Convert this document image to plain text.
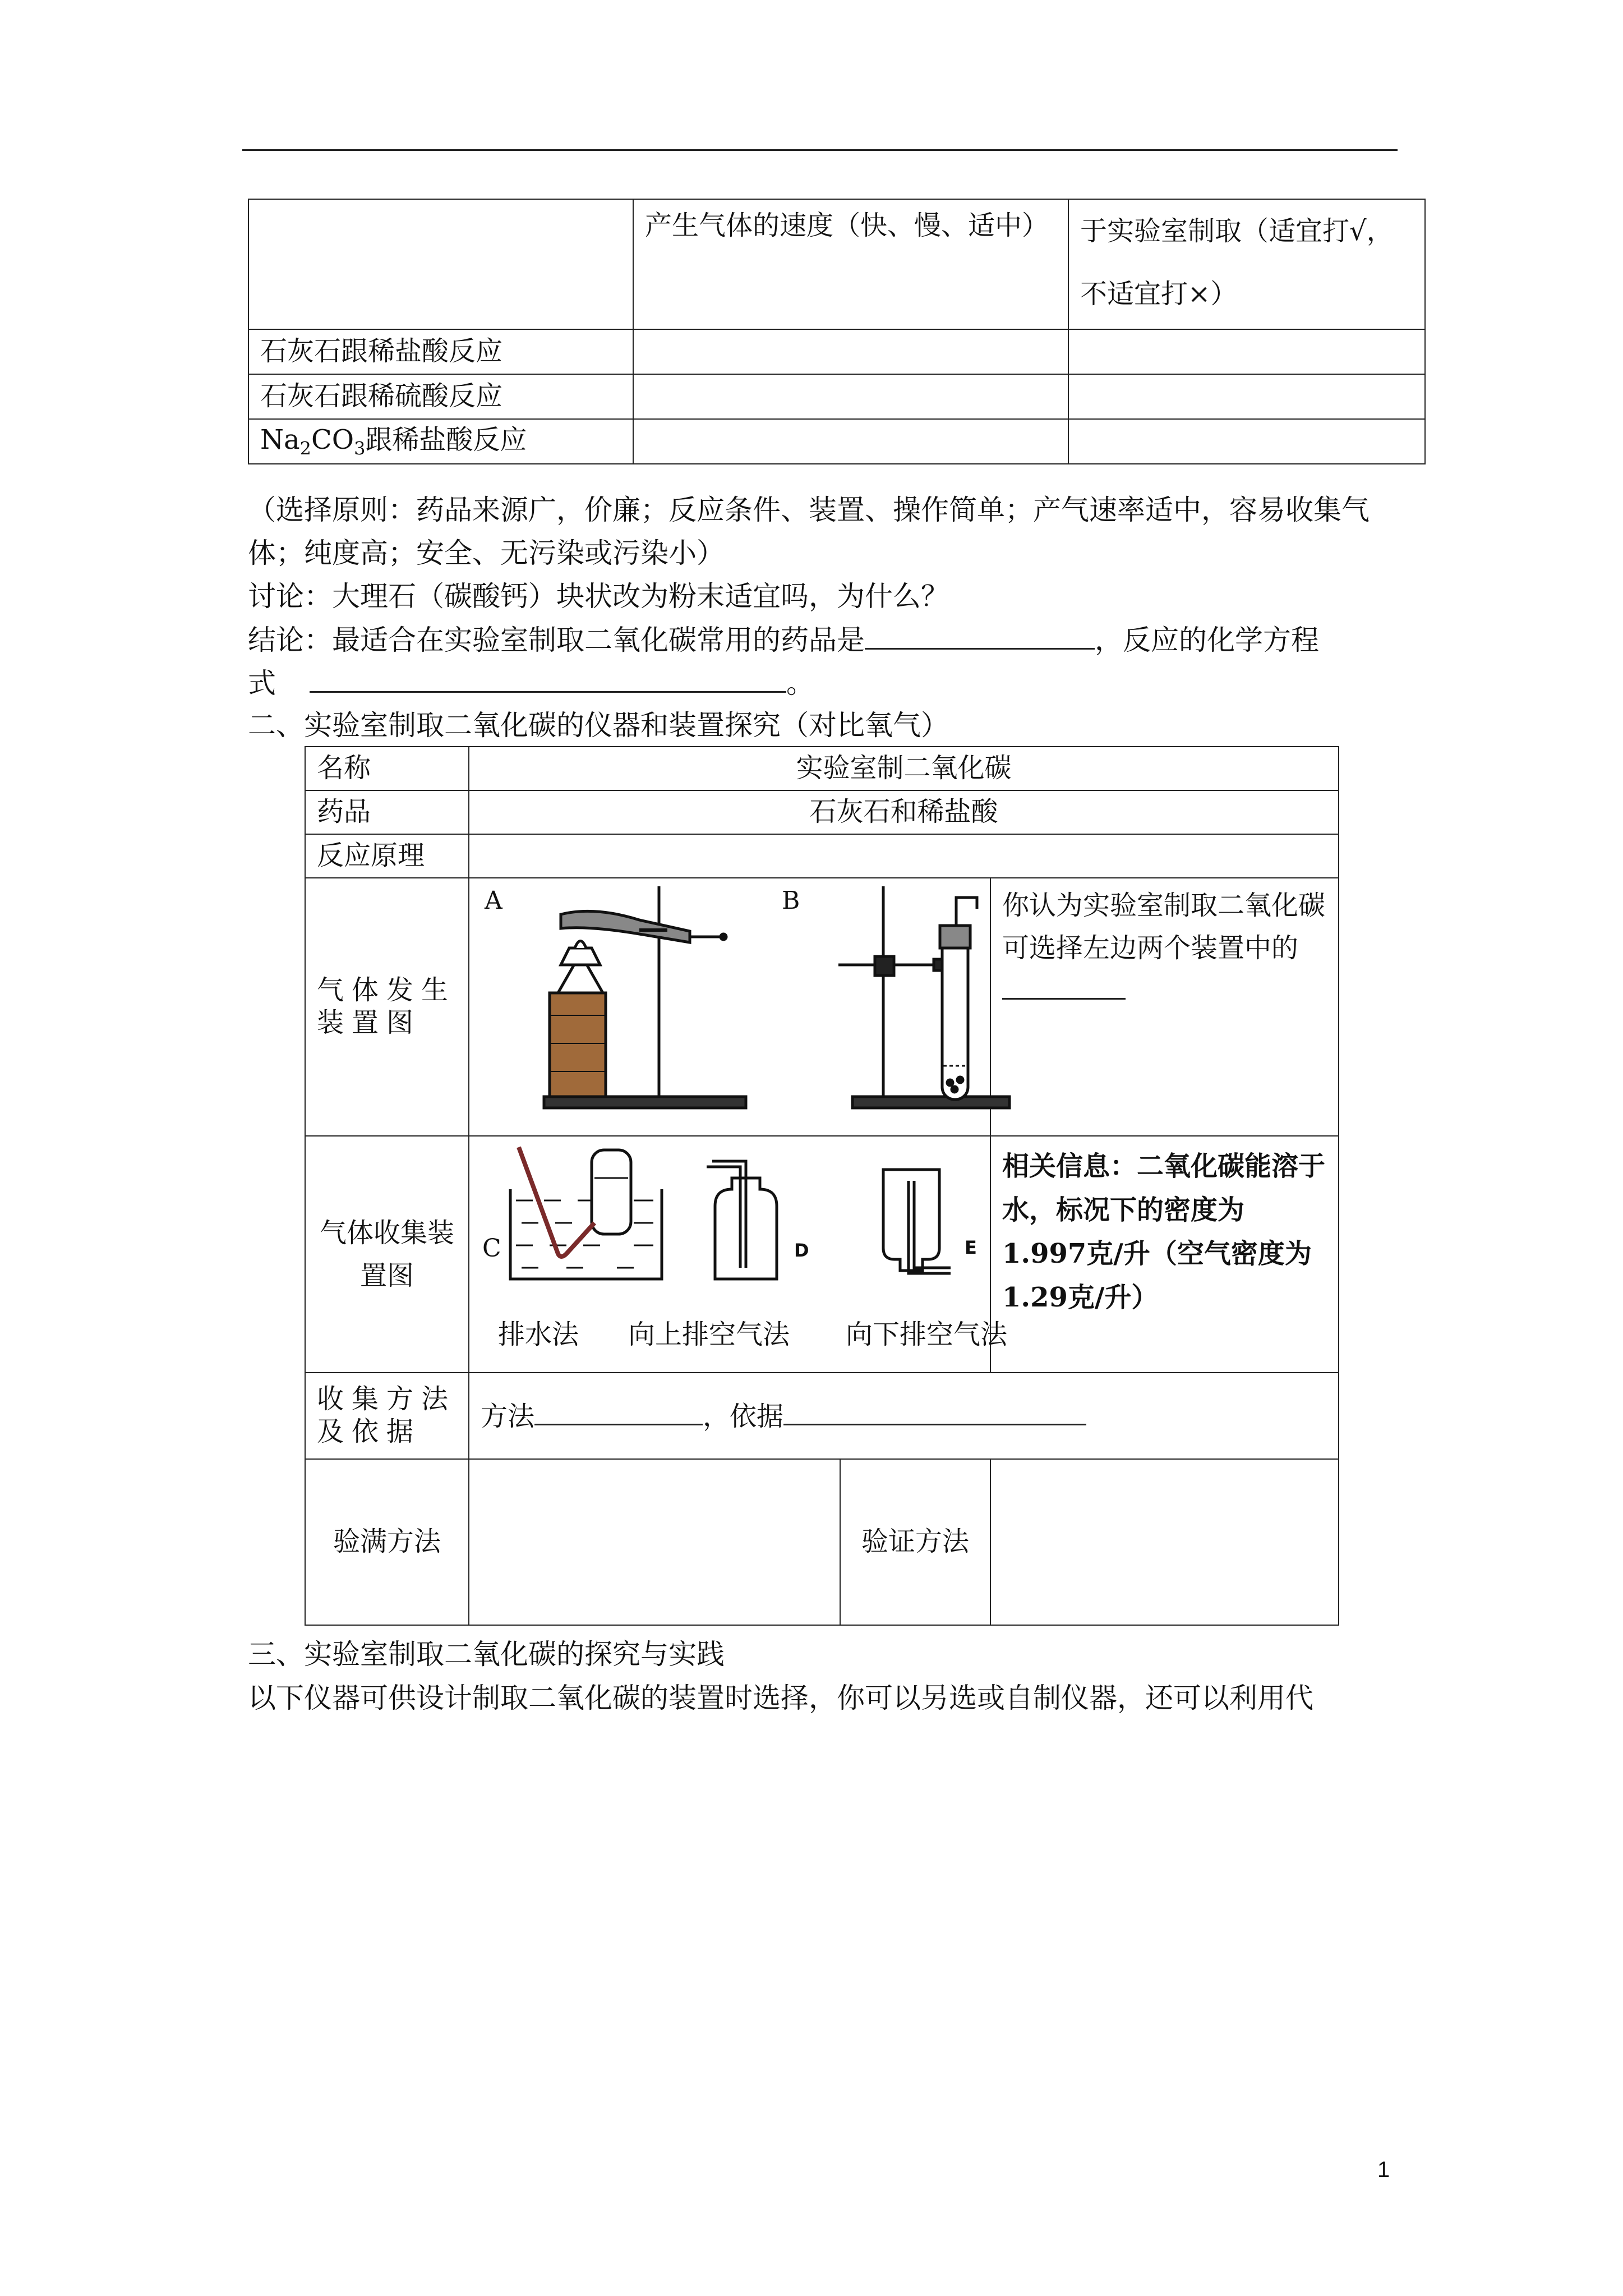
	产生气体的速度（快、慢、适中）	于实验室制取（适宜打√，不适宜打×）
石灰石跟稀盐酸反应		
石灰石跟稀硫酸反应		
$Na_2CO_3$跟稀盐酸反应		

（选择原则：药品来源广，价廉；反应条件、装置、操作简单；产气速率适中，容易收集气

体；纯度高；安全、无污染或污染小）

讨论：大理石（碳酸钙）块状改为粉末适宜吗，为什么？

结论：最适合在实验室制取二氧化碳常用的药品是	，反应的化学方程

式	。

二、实验室制取二氧化碳的仪器和装置探究（对比氧气）

名称	实验室制二氧化碳		
药品	石灰石和稀盐酸		
反应原理			
气体发生装置图			你认为实验室制取二氧化碳可选择左边两个装置中的
气体收集装置图			相关信息：二氧化碳能溶于水，标况下的密度为1.997克/升（空气密度为1.29克/升）
收集方法及依据	方法 ，依据		
验满方法		验证方法	
A	B
C	D	E
排水法 向上排空气法 向下排空气法

三、实验室制取二氧化碳的探究与实践

以下仪器可供设计制取二氧化碳的装置时选择，你可以另选或自制仪器，还可以利用代

1
